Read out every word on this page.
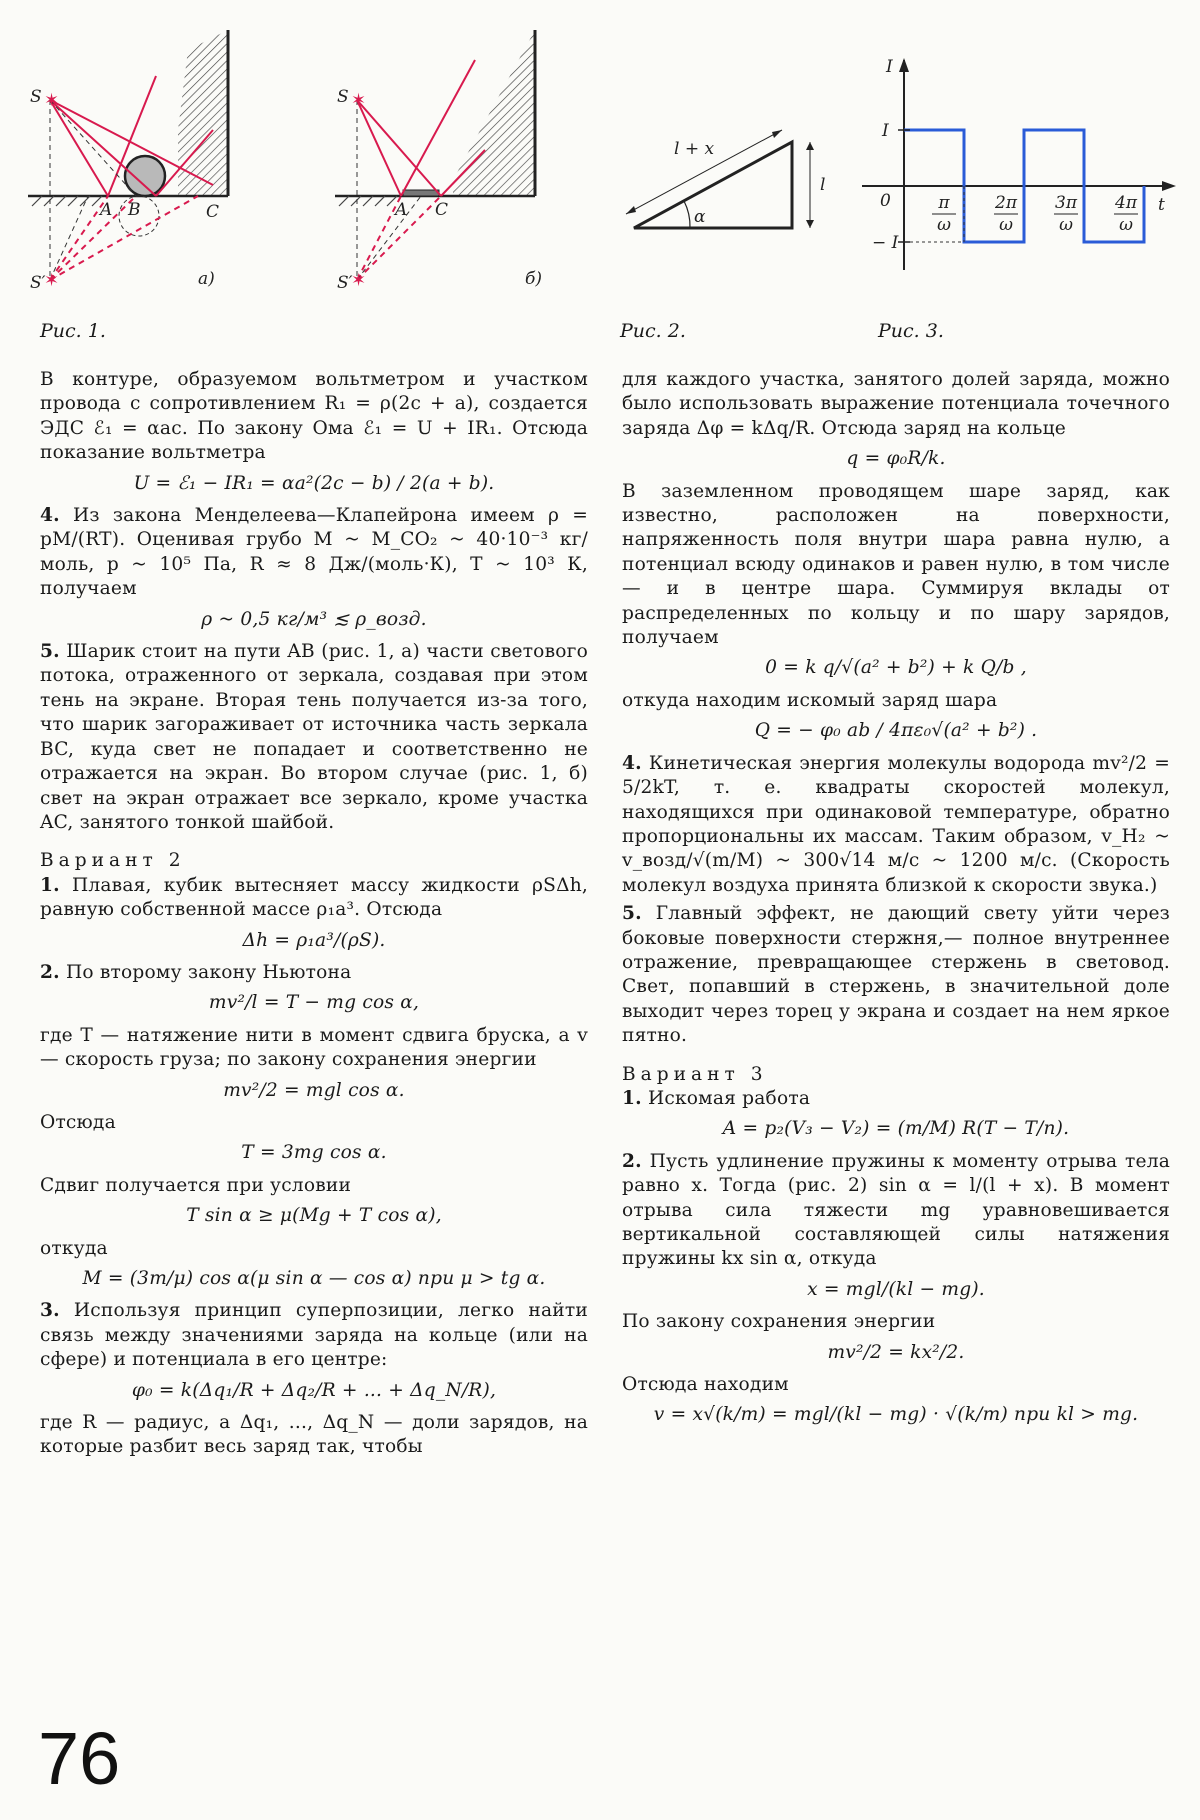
S ✶
S′
✶
A B	C
а)
S ✶
S′
✶
A C
б)
l + x
l
α
I
t
0
I
− I
π
ω
2π
ω
3π
ω
4π
ω
Рис. 1.	Рис. 2.	Рис. 3.
В контуре, образуемом вольтметром и участком провода с сопротивлением R₁ = ρ(2c + a), создается ЭДС ℰ₁ = αac. По закону Ома ℰ₁ = U + IR₁. Отсюда показание вольтметра
U = ℰ₁ − IR₁ = αa²(2c − b) / 2(a + b).
4. Из закона Менделеева—Клапейрона имеем ρ = pM/(RT). Оценивая грубо M ~ M_CO₂ ~ 40·10⁻³ кг/моль, p ~ 10⁵ Па, R ≈ 8 Дж/(моль·К), T ~ 10³ К, получаем
ρ ~ 0,5 кг/м³ ≲ ρ_возд.
5. Шарик стоит на пути AB (рис. 1, а) части светового потока, отраженного от зеркала, создавая при этом тень на экране. Вторая тень получается из-за того, что шарик загораживает от источника часть зеркала BC, куда свет не попадает и соответственно не отражается на экран. Во втором случае (рис. 1, б) свет на экран отражает все зеркало, кроме участка AC, занятого тонкой шайбой.
Вариант 2
1. Плавая, кубик вытесняет массу жидкости ρSΔh, равную собственной массе ρ₁a³. Отсюда
Δh = ρ₁a³/(ρS).
2. По второму закону Ньютона
mv²/l = T − mg cos α,
где T — натяжение нити в момент сдвига бруска, а v — скорость груза; по закону сохранения энергии
mv²/2 = mgl cos α.
Отсюда
T = 3mg cos α.
Сдвиг получается при условии
T sin α ≥ μ(Mg + T cos α),
откуда
M = (3m/μ) cos α(μ sin α — cos α) при μ > tg α.
3. Используя принцип суперпозиции, легко найти связь между значениями заряда на кольце (или на сфере) и потенциала в его центре:
φ₀ = k(Δq₁/R + Δq₂/R + ... + Δq_N/R),
где R — радиус, а Δq₁, ..., Δq_N — доли зарядов, на которые разбит весь заряд так, чтобы
для каждого участка, занятого долей заряда, можно было использовать выражение потенциала точечного заряда Δφ = kΔq/R. Отсюда заряд на кольце
q = φ₀R/k.
В заземленном проводящем шаре заряд, как известно, расположен на поверхности, напряженность поля внутри шара равна нулю, а потенциал всюду одинаков и равен нулю, в том числе — и в центре шара. Суммируя вклады от распределенных по кольцу и по шару зарядов, получаем
0 = k q/√(a² + b²) + k Q/b ,
откуда находим искомый заряд шара
Q = − φ₀ ab / 4πε₀√(a² + b²) .
4. Кинетическая энергия молекулы водорода mv²/2 = 5/2kT, т. е. квадраты скоростей молекул, находящихся при одинаковой температуре, обратно пропорциональны их массам. Таким образом, v_H₂ ~ v_возд/√(m/M) ~ 300√14 м/с ~ 1200 м/с. (Скорость молекул воздуха принята близкой к скорости звука.)
5. Главный эффект, не дающий свету уйти через боковые поверхности стержня,— полное внутреннее отражение, превращающее стержень в световод. Свет, попавший в стержень, в значительной доле выходит через торец у экрана и создает на нем яркое пятно.
Вариант 3
1. Искомая работа
A = p₂(V₃ − V₂) = (m/M) R(T − T/n).
2. Пусть удлинение пружины к моменту отрыва тела равно x. Тогда (рис. 2) sin α = l/(l + x). В момент отрыва сила тяжести mg уравновешивается вертикальной составляющей силы натяжения пружины kx sin α, откуда
x = mgl/(kl − mg).
По закону сохранения энергии
mv²/2 = kx²/2.
Отсюда находим
v = x√(k/m) = mgl/(kl − mg) · √(k/m) при kl > mg.
76
